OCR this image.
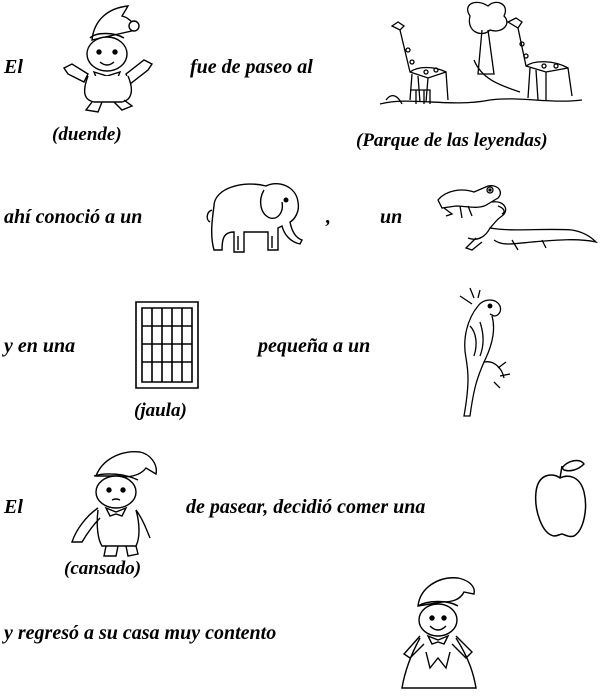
El	fue de paseo al
(duende)	(Parque de las leyendas)
ahí conoció a un	, un
y en una	pequeña a un
(jaula)
El	de pasear, decidió comer una
(cansado)
y regresó a su casa muy contento
